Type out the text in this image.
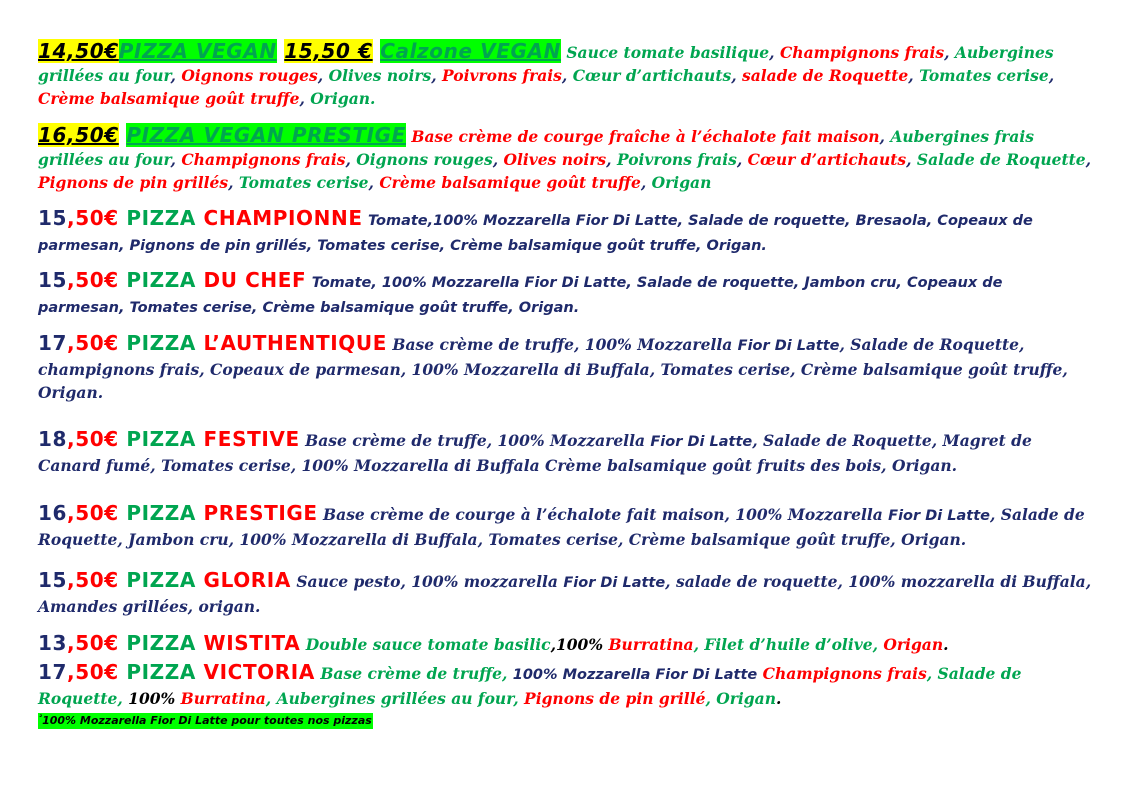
14,50€PIZZA VEGAN 15,50 € Calzone VEGAN Sauce tomate basilique, Champignons frais, Aubergines grillées au four, Oignons rouges, Olives noirs, Poivrons frais, Cœur d’artichauts, salade de Roquette, Tomates cerise, Crème balsamique goût truffe, Origan.

16,50€ PIZZA VEGAN PRESTIGE Base crème de courge fraîche à l’échalote fait maison, Aubergines frais grillées au four, Champignons frais, Oignons rouges, Olives noirs, Poivrons frais, Cœur d’artichauts, Salade de Roquette, Pignons de pin grillés, Tomates cerise, Crème balsamique goût truffe, Origan

15,50€ PIZZA CHAMPIONNE Tomate,100% Mozzarella Fior Di Latte, Salade de roquette, Bresaola, Copeaux de parmesan, Pignons de pin grillés, Tomates cerise, Crème balsamique goût truffe, Origan.

15,50€ PIZZA DU CHEF Tomate, 100% Mozzarella Fior Di Latte, Salade de roquette, Jambon cru, Copeaux de parmesan, Tomates cerise, Crème balsamique goût truffe, Origan.

17,50€ PIZZA L’AUTHENTIQUE Base crème de truffe, 100% Mozzarella Fior Di Latte, Salade de Roquette, champignons frais, Copeaux de parmesan, 100% Mozzarella di Buffala, Tomates cerise, Crème balsamique goût truffe, Origan.

18,50€ PIZZA FESTIVE Base crème de truffe, 100% Mozzarella Fior Di Latte, Salade de Roquette, Magret de Canard fumé, Tomates cerise, 100% Mozzarella di Buffala Crème balsamique goût fruits des bois, Origan.

16,50€ PIZZA PRESTIGE Base crème de courge à l’échalote fait maison, 100% Mozzarella Fior Di Latte, Salade de Roquette, Jambon cru, 100% Mozzarella di Buffala, Tomates cerise, Crème balsamique goût truffe, Origan.

15,50€ PIZZA GLORIA Sauce pesto, 100% mozzarella Fior Di Latte, salade de roquette, 100% mozzarella di Buffala, Amandes grillées, origan.

13,50€ PIZZA WISTITA Double sauce tomate basilic,100% Burratina, Filet d’huile d’olive, Origan.

17,50€ PIZZA VICTORIA Base crème de truffe, 100% Mozzarella Fior Di Latte Champignons frais, Salade de Roquette, 100% Burratina, Aubergines grillées au four, Pignons de pin grillé, Origan.

$^{^2}$100% Mozzarella Fior Di Latte pour toutes nos pizzas
